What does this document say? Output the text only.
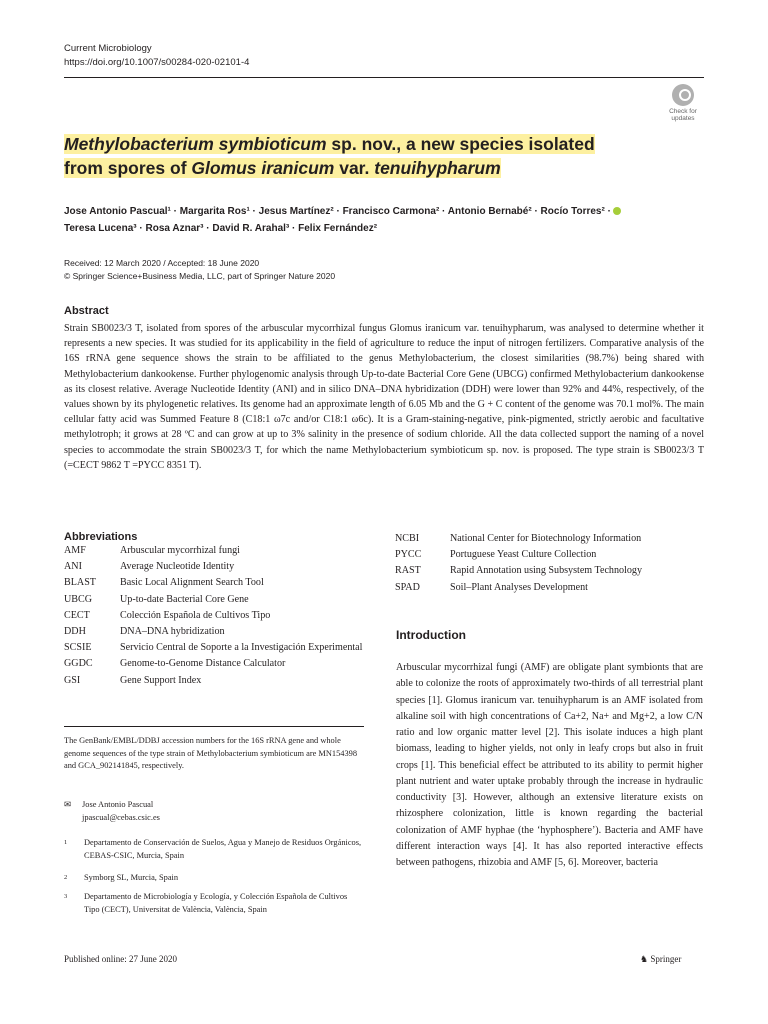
Current Microbiology
https://doi.org/10.1007/s00284-020-02101-4
Check for
updates
Methylobacterium symbioticum sp. nov., a new species isolated
from spores of Glomus iranicum var. tenuihypharum
Jose Antonio Pascual¹ · Margarita Ros¹ · Jesus Martínez² · Francisco Carmona² · Antonio Bernabé² · Rocío Torres² ·
Teresa Lucena³ · Rosa Aznar³ · David R. Arahal³ · Felix Fernández²
Received: 12 March 2020 / Accepted: 18 June 2020
© Springer Science+Business Media, LLC, part of Springer Nature 2020
Abstract
Strain SB0023/3 T, isolated from spores of the arbuscular mycorrhizal fungus Glomus iranicum var. tenuihypharum, was analysed to determine whether it represents a new species. It was studied for its applicability in the field of agriculture to reduce the input of nitrogen fertilizers. Comparative analysis of the 16S rRNA gene sequence shows the strain to be affiliated to the genus Methylobacterium, the closest similarities (98.7%) being shared with Methylobacterium dankookense. Further phylogenomic analysis through Up-to-date Bacterial Core Gene (UBCG) confirmed Methylobacterium dankookense as its closest relative. Average Nucleotide Identity (ANI) and in silico DNA–DNA hybridization (DDH) were lower than 92% and 44%, respectively, of the values shown by its phylogenetic relatives. Its genome had an approximate length of 6.05 Mb and the G + C content of the genome was 70.1 mol%. The main cellular fatty acid was Summed Feature 8 (C18:1 ω7c and/or C18:1 ω6c). It is a Gram-staining-negative, pink-pigmented, strictly aerobic and facultative methylotroph; it grows at 28 ºC and can grow at up to 3% salinity in the presence of sodium chloride. All the data collected support the naming of a novel species to accommodate the strain SB0023/3 T, for which the name Methylobacterium symbioticum sp. nov. is proposed. The type strain is SB0023/3 T (=CECT 9862 T =PYCC 8351 T).
Abbreviations
AMF	Arbuscular mycorrhizal fungi
ANI	Average Nucleotide Identity
BLAST	Basic Local Alignment Search Tool
UBCG	Up-to-date Bacterial Core Gene
CECT	Colección Española de Cultivos Tipo
DDH	DNA–DNA hybridization
SCSIE	Servicio Central de Soporte a la Investigación Experimental
GGDC	Genome-to-Genome Distance Calculator
GSI	Gene Support Index
NCBI	National Center for Biotechnology Information
PYCC	Portuguese Yeast Culture Collection
RAST	Rapid Annotation using Subsystem Technology
SPAD	Soil–Plant Analyses Development
Introduction
Arbuscular mycorrhizal fungi (AMF) are obligate plant symbionts that are able to colonize the roots of approximately two-thirds of all terrestrial plant species [1]. Glomus iranicum var. tenuihypharum is an AMF isolated from alkaline soil with high concentrations of Ca+2, Na+ and Mg+2, a low C/N ratio and low organic matter level [2]. This isolate induces a high plant biomass, leading to higher yields, not only in leafy crops but also in fruit crops [1]. This beneficial effect be attributed to its ability to permit higher plant nutrient and water uptake probably through the increase in hydraulic conductivity [3]. However, although an extensive literature exists on rhizosphere colonization, little is known regarding the bacterial colonization of AMF hyphae (the ‘hyphosphere’). Bacteria and AMF have different interaction ways [4]. It has also reported interactive effects between pathogens, rhizobia and AMF [5, 6]. Moreover, bacteria
The GenBank/EMBL/DDBJ accession numbers for the 16S rRNA gene and whole genome sequences of the type strain of Methylobacterium symbioticum are MN154398 and GCA_902141845, respectively.
✉ Jose Antonio Pascual
jpascual@cebas.csic.es
1 Departamento de Conservación de Suelos, Agua y Manejo de Residuos Orgánicos, CEBAS-CSIC, Murcia, Spain
2 Symborg SL, Murcia, Spain
3 Departamento de Microbiología y Ecología, y Colección Española de Cultivos Tipo (CECT), Universitat de València, València, Spain
Published online: 27 June 2020	♞ Springer
